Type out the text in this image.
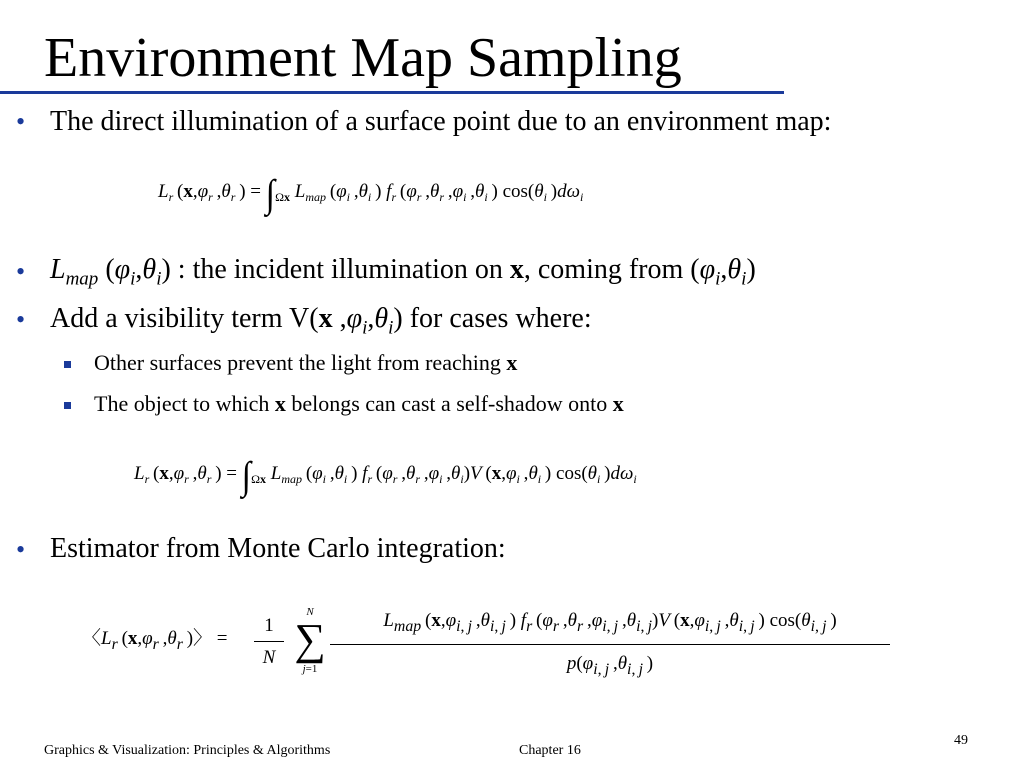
Environment Map Sampling
• The direct illumination of a surface point due to an environment map:
$L_r$ ($x,\varphi_r$ $,\theta_r$ ) = $\int_{\Omega x}$ $L_{map}$ ($\varphi_i$ $,\theta_i$ ) $f_r$ ($\varphi_r$ $,\theta_r$ $,\varphi_i$ $,\theta_i$ ) $\cos(\theta_i$ )$d\omega_i$
• $L_{map}$ $(\varphi_i,\theta_i)$ : the incident illumination on x, coming from $(\varphi_i,\theta_i)$
• Add a visibility term V(x $,\varphi_i,\theta_i$) for cases where:
Other surfaces prevent the light from reaching x
The object to which x belongs can cast a self-shadow onto x
$L_r$ ($x,\varphi_r$ $,\theta_r$ ) = $\int_{\Omega x}$ $L_{map}$ ($\varphi_i$ $,\theta_i$ ) $f_r$ ($\varphi_r$ $,\theta_r$ $,\varphi_i$ $,\theta_i)V$ ($x,\varphi_i$ $,\theta_i$ ) $\cos(\theta_i$ )$d\omega_i$
• Estimator from Monte Carlo integration:
〈$L_r$ ($x,\varphi_r$ $,\theta_r$ )〉 =
1
N
N
∑
j=1
$L_{map}$ ($x,\varphi_{i, j}$ $,\theta_{i, j}$ ) $f_r$ ($\varphi_r$ $,\theta_r$ $,\varphi_{i, j}$ $,\theta_{i, j})V$ ($x,\varphi_{i, j}$ $,\theta_{i, j}$ ) $\cos(\theta_{i, j}$ )
$p(\varphi_{i, j}$ $,\theta_{i, j}$ )
Graphics & Visualization: Principles & Algorithms	Chapter 16
49
